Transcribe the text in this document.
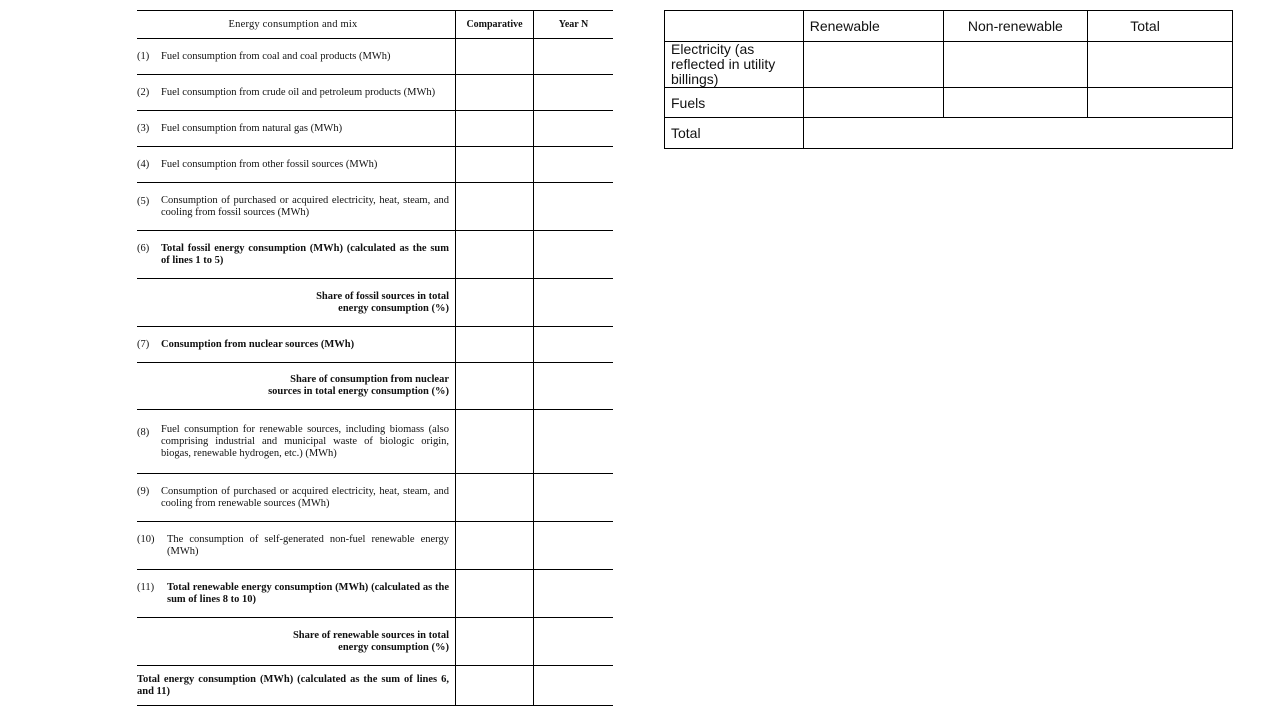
Energy consumption and mix	Comparative	Year N
(1)	Fuel consumption from coal and coal products (MWh)
(2)	Fuel consumption from crude oil and petroleum products (MWh)
(3)	Fuel consumption from natural gas (MWh)
(4)	Fuel consumption from other fossil sources (MWh)
(5)	Consumption of purchased or acquired electricity, heat, steam, and cooling from fossil sources (MWh)
(6)	Total fossil energy consumption (MWh) (calculated as the sum of lines 1 to 5)
Share of fossil sources in total energy consumption (%)
(7)	Consumption from nuclear sources (MWh)
Share of consumption from nuclear sources in total energy consumption (%)
(8)	Fuel consumption for renewable sources, including biomass (also comprising industrial and municipal waste of biologic origin, biogas, renewable hydrogen, etc.) (MWh)
(9)	Consumption of purchased or acquired electricity, heat, steam, and cooling from renewable sources (MWh)
(10)	The consumption of self-generated non-fuel renewable energy (MWh)
(11)	Total renewable energy consumption (MWh) (calculated as the sum of lines 8 to 10)
Share of renewable sources in total energy consumption (%)
Total energy consumption (MWh) (calculated as the sum of lines 6, and 11)
	Renewable	Non-renewable	Total
Electricity (as reflected in utility billings)			
Fuels			
Total			
